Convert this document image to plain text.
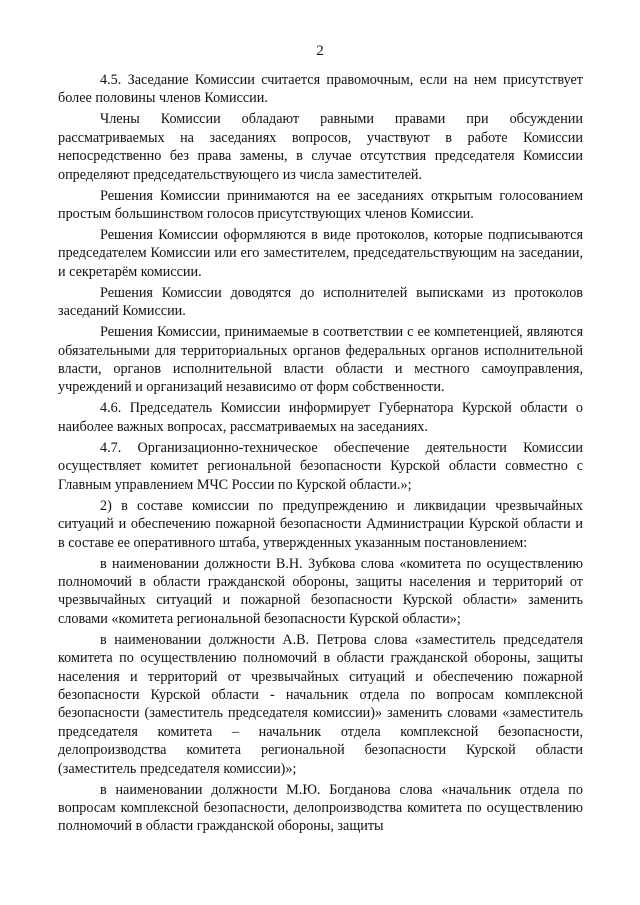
2

4.5. Заседание Комиссии считается правомочным, если на нем присутствует более половины членов Комиссии.

Члены Комиссии обладают равными правами при обсуждении рассматриваемых на заседаниях вопросов, участвуют в работе Комиссии непосредственно без права замены, в случае отсутствия председателя Комиссии определяют председательствующего из числа заместителей.

Решения Комиссии принимаются на ее заседаниях открытым голосованием простым большинством голосов присутствующих членов Комиссии.

Решения Комиссии оформляются в виде протоколов, которые подписываются председателем Комиссии или его заместителем, председательствующим на заседании, и секретарём комиссии.

Решения Комиссии доводятся до исполнителей выписками из протоколов заседаний Комиссии.

Решения Комиссии, принимаемые в соответствии с ее компетенцией, являются обязательными для территориальных органов федеральных органов исполнительной власти, органов исполнительной власти области и местного самоуправления, учреждений и организаций независимо от форм собственности.

4.6. Председатель Комиссии информирует Губернатора Курской области о наиболее важных вопросах, рассматриваемых на заседаниях.

4.7. Организационно-техническое обеспечение деятельности Комиссии осуществляет комитет региональной безопасности Курской области совместно с Главным управлением МЧС России по Курской области.»;

2) в составе комиссии по предупреждению и ликвидации чрезвычайных ситуаций и обеспечению пожарной безопасности Администрации Курской области и в составе ее оперативного штаба, утвержденных указанным постановлением:

в наименовании должности В.Н. Зубкова слова «комитета по осуществлению полномочий в области гражданской обороны, защиты населения и территорий от чрезвычайных ситуаций и пожарной безопасности Курской области» заменить словами «комитета региональной безопасности Курской области»;

в наименовании должности А.В. Петрова слова «заместитель председателя комитета по осуществлению полномочий в области гражданской обороны, защиты населения и территорий от чрезвычайных ситуаций и обеспечению пожарной безопасности Курской области - начальник отдела по вопросам комплексной безопасности (заместитель председателя комиссии)» заменить словами «заместитель председателя комитета – начальник отдела комплексной безопасности, делопроизводства комитета региональной безопасности Курской области (заместитель председателя комиссии)»;

в наименовании должности М.Ю. Богданова слова «начальник отдела по вопросам комплексной безопасности, делопроизводства комитета по осуществлению полномочий в области гражданской обороны, защиты
